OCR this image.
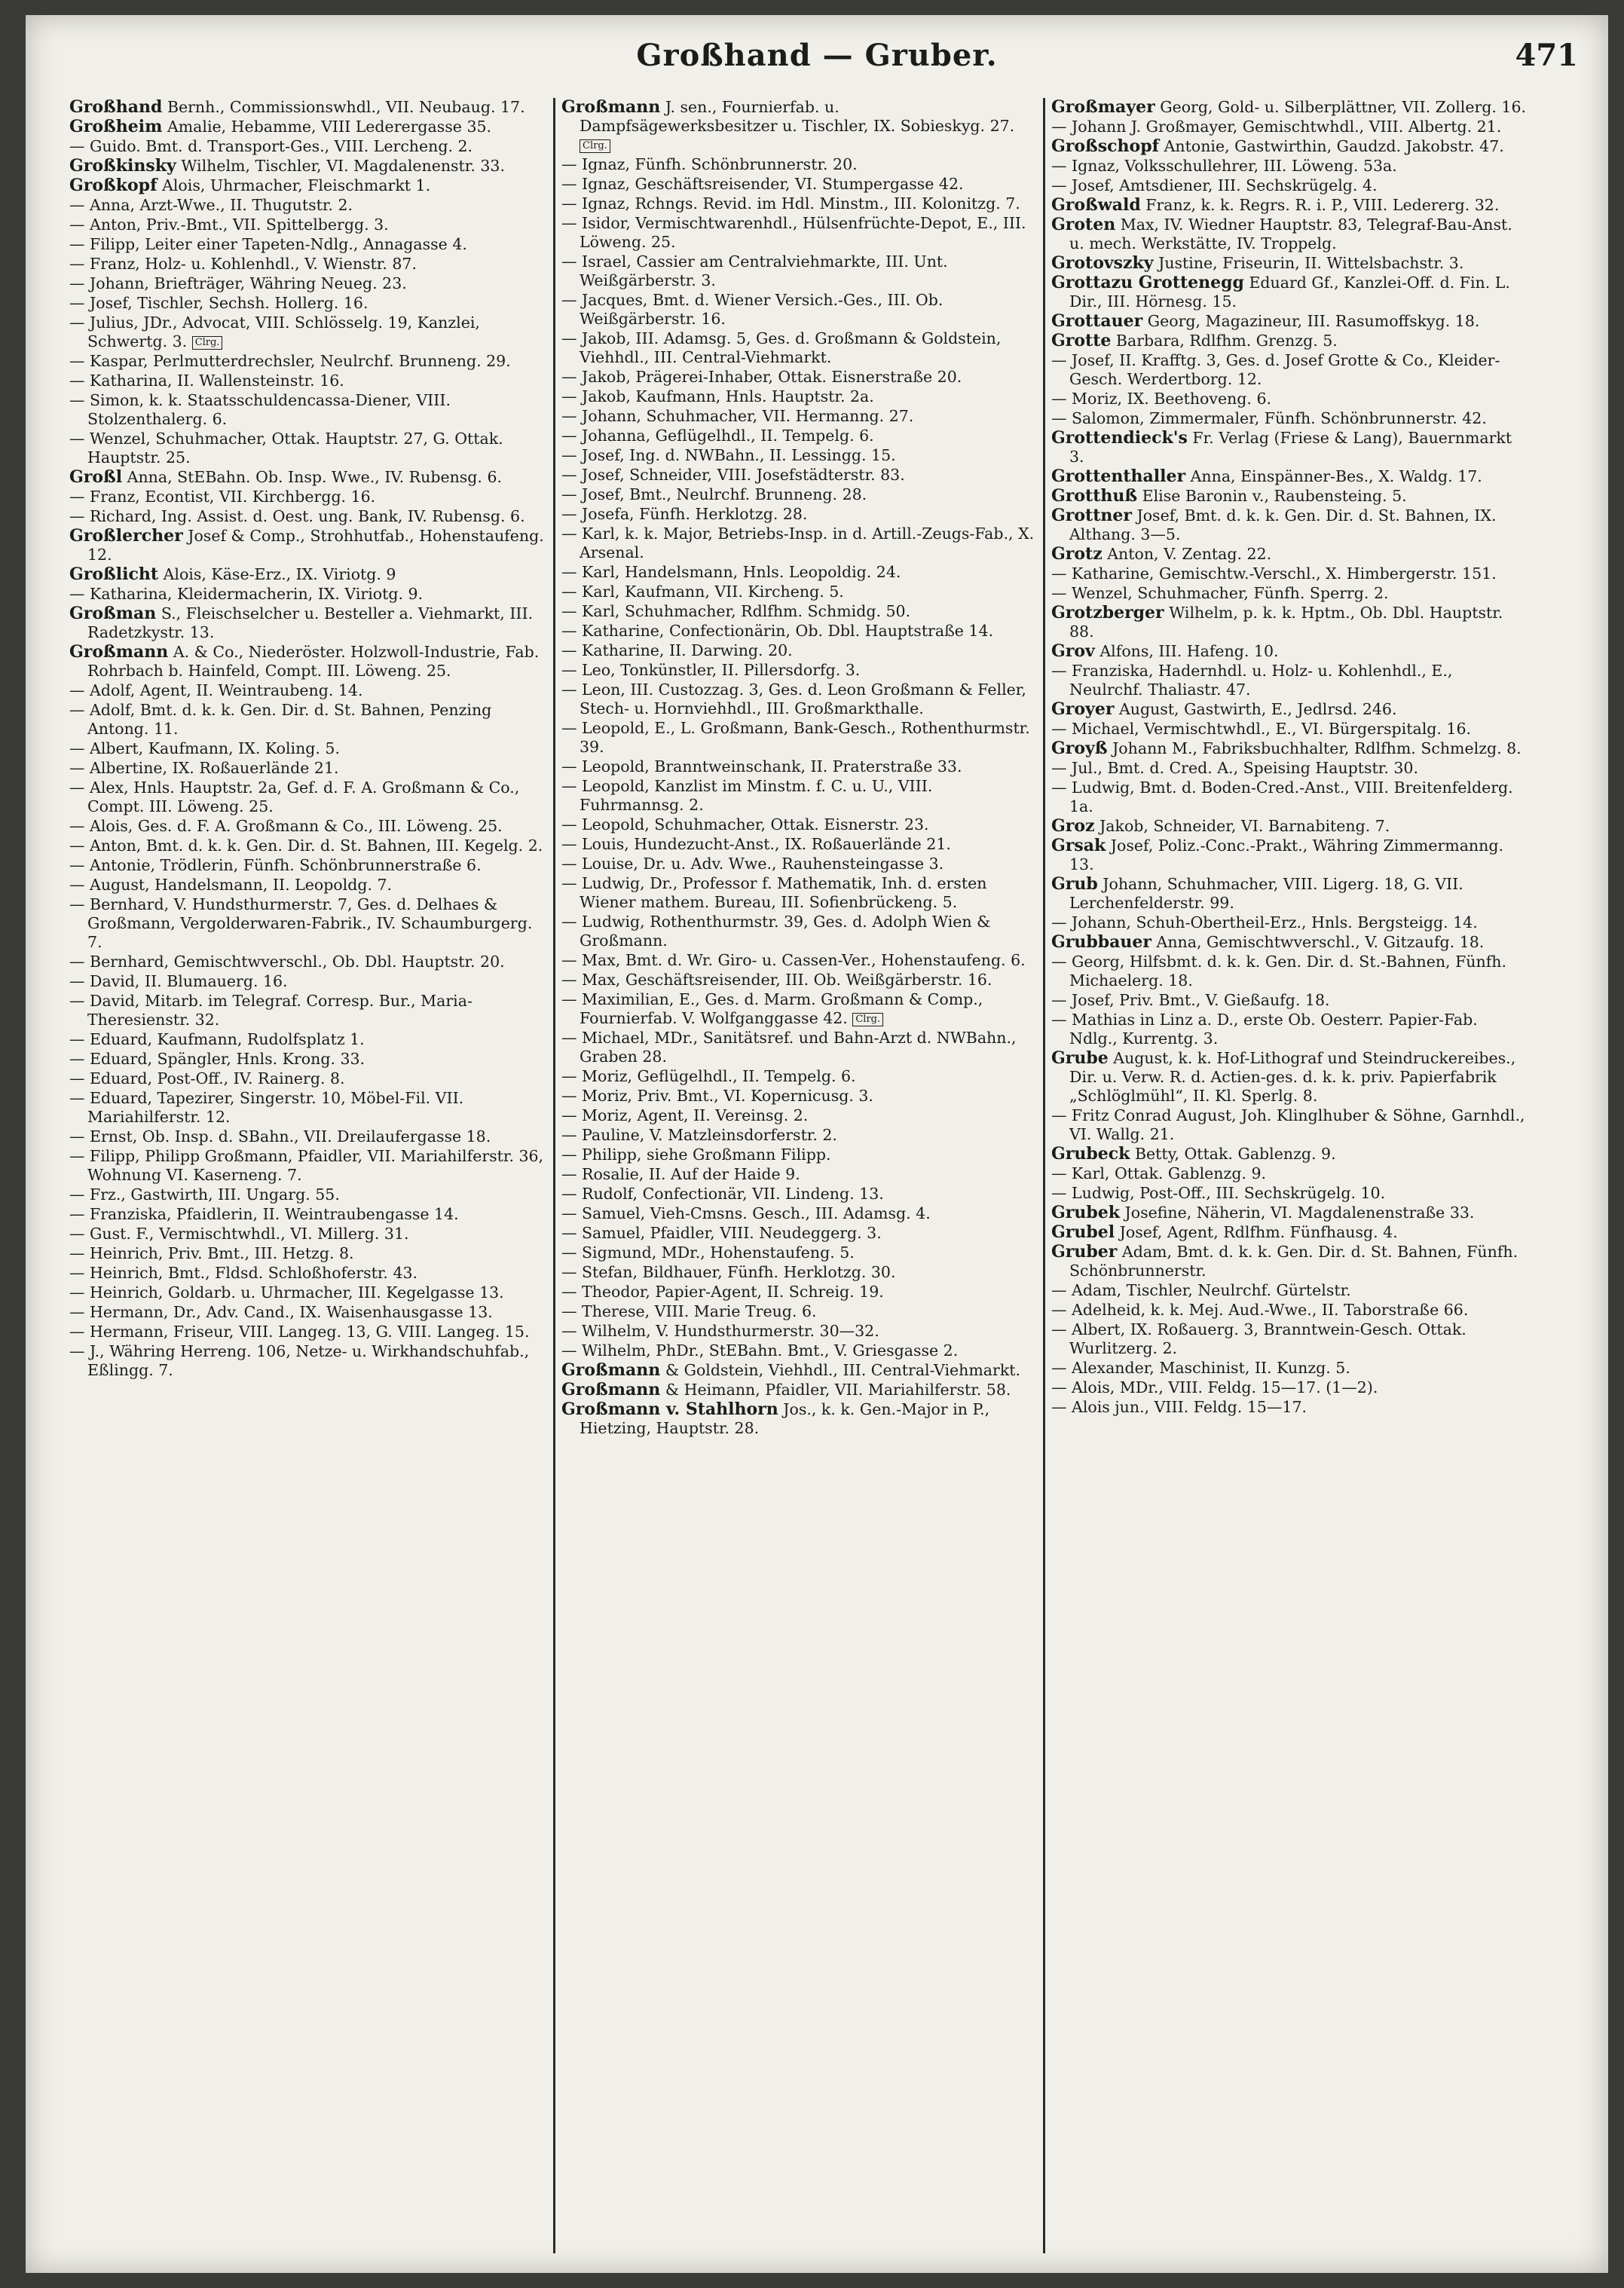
Großhand — Gruber.	471
Großhand Bernh., Commissionswhdl., VII. Neubaug. 17.
Großheim Amalie, Hebamme, VIII Lederergasse 35.
— Guido. Bmt. d. Transport-Ges., VIII. Lercheng. 2.
Großkinsky Wilhelm, Tischler, VI. Magdalenenstr. 33.
Großkopf Alois, Uhrmacher, Fleischmarkt 1.
— Anna, Arzt-Wwe., II. Thugutstr. 2.
— Anton, Priv.-Bmt., VII. Spittelbergg. 3.
— Filipp, Leiter einer Tapeten-Ndlg., Annagasse 4.
— Franz, Holz- u. Kohlenhdl., V. Wienstr. 87.
— Johann, Briefträger, Währing Neueg. 23.
— Josef, Tischler, Sechsh. Hollerg. 16.
— Julius, JDr., Advocat, VIII. Schlösselg. 19, Kanzlei, Schwertg. 3. Clrg.
— Kaspar, Perlmutterdrechsler, Neulrchf. Brunneng. 29.
— Katharina, II. Wallensteinstr. 16.
— Simon, k. k. Staatsschuldencassa-Diener, VIII. Stolzenthalerg. 6.
— Wenzel, Schuhmacher, Ottak. Hauptstr. 27, G. Ottak. Hauptstr. 25.
Großl Anna, StEBahn. Ob. Insp. Wwe., IV. Rubensg. 6.
— Franz, Econtist, VII. Kirchbergg. 16.
— Richard, Ing. Assist. d. Oest. ung. Bank, IV. Rubensg. 6.
Großlercher Josef & Comp., Strohhutfab., Hohenstaufeng. 12.
Großlicht Alois, Käse-Erz., IX. Viriotg. 9
— Katharina, Kleidermacherin, IX. Viriotg. 9.
Großman S., Fleischselcher u. Besteller a. Viehmarkt, III. Radetzkystr. 13.
Großmann A. & Co., Niederöster. Holzwoll-Industrie, Fab. Rohrbach b. Hainfeld, Compt. III. Löweng. 25.
— Adolf, Agent, II. Weintraubeng. 14.
— Adolf, Bmt. d. k. k. Gen. Dir. d. St. Bahnen, Penzing Antong. 11.
— Albert, Kaufmann, IX. Koling. 5.
— Albertine, IX. Roßauerlände 21.
— Alex, Hnls. Hauptstr. 2a, Gef. d. F. A. Großmann & Co., Compt. III. Löweng. 25.
— Alois, Ges. d. F. A. Großmann & Co., III. Löweng. 25.
— Anton, Bmt. d. k. k. Gen. Dir. d. St. Bahnen, III. Kegelg. 2.
— Antonie, Trödlerin, Fünfh. Schönbrunnerstraße 6.
— August, Handelsmann, II. Leopoldg. 7.
— Bernhard, V. Hundsthurmerstr. 7, Ges. d. Delhaes & Großmann, Vergolderwaren-Fabrik., IV. Schaumburgerg. 7.
— Bernhard, Gemischtwverschl., Ob. Dbl. Hauptstr. 20.
— David, II. Blumauerg. 16.
— David, Mitarb. im Telegraf. Corresp. Bur., Maria-Theresienstr. 32.
— Eduard, Kaufmann, Rudolfsplatz 1.
— Eduard, Spängler, Hnls. Krong. 33.
— Eduard, Post-Off., IV. Rainerg. 8.
— Eduard, Tapezirer, Singerstr. 10, Möbel-Fil. VII. Mariahilferstr. 12.
— Ernst, Ob. Insp. d. SBahn., VII. Dreilaufergasse 18.
— Filipp, Philipp Großmann, Pfaidler, VII. Mariahilferstr. 36, Wohnung VI. Kaserneng. 7.
— Frz., Gastwirth, III. Ungarg. 55.
— Franziska, Pfaidlerin, II. Weintraubengasse 14.
— Gust. F., Vermischtwhdl., VI. Millerg. 31.
— Heinrich, Priv. Bmt., III. Hetzg. 8.
— Heinrich, Bmt., Fldsd. Schloßhoferstr. 43.
— Heinrich, Goldarb. u. Uhrmacher, III. Kegelgasse 13.
— Hermann, Dr., Adv. Cand., IX. Waisenhausgasse 13.
— Hermann, Friseur, VIII. Langeg. 13, G. VIII. Langeg. 15.
— J., Währing Herreng. 106, Netze- u. Wirkhandschuhfab., Eßlingg. 7.
Großmann J. sen., Fournierfab. u. Dampfsägewerksbesitzer u. Tischler, IX. Sobieskyg. 27. Clrg.
— Ignaz, Fünfh. Schönbrunnerstr. 20.
— Ignaz, Geschäftsreisender, VI. Stumpergasse 42.
— Ignaz, Rchngs. Revid. im Hdl. Minstm., III. Kolonitzg. 7.
— Isidor, Vermischtwarenhdl., Hülsenfrüchte-Depot, E., III. Löweng. 25.
— Israel, Cassier am Centralviehmarkte, III. Unt. Weißgärberstr. 3.
— Jacques, Bmt. d. Wiener Versich.-Ges., III. Ob. Weißgärberstr. 16.
— Jakob, III. Adamsg. 5, Ges. d. Großmann & Goldstein, Viehhdl., III. Central-Viehmarkt.
— Jakob, Prägerei-Inhaber, Ottak. Eisnerstraße 20.
— Jakob, Kaufmann, Hnls. Hauptstr. 2a.
— Johann, Schuhmacher, VII. Hermanng. 27.
— Johanna, Geflügelhdl., II. Tempelg. 6.
— Josef, Ing. d. NWBahn., II. Lessingg. 15.
— Josef, Schneider, VIII. Josefstädterstr. 83.
— Josef, Bmt., Neulrchf. Brunneng. 28.
— Josefa, Fünfh. Herklotzg. 28.
— Karl, k. k. Major, Betriebs-Insp. in d. Artill.-Zeugs-Fab., X. Arsenal.
— Karl, Handelsmann, Hnls. Leopoldig. 24.
— Karl, Kaufmann, VII. Kircheng. 5.
— Karl, Schuhmacher, Rdlfhm. Schmidg. 50.
— Katharine, Confectionärin, Ob. Dbl. Hauptstraße 14.
— Katharine, II. Darwing. 20.
— Leo, Tonkünstler, II. Pillersdorfg. 3.
— Leon, III. Custozzag. 3, Ges. d. Leon Großmann & Feller, Stech- u. Hornviehhdl., III. Großmarkthalle.
— Leopold, E., L. Großmann, Bank-Gesch., Rothenthurmstr. 39.
— Leopold, Branntweinschank, II. Praterstraße 33.
— Leopold, Kanzlist im Minstm. f. C. u. U., VIII. Fuhrmannsg. 2.
— Leopold, Schuhmacher, Ottak. Eisnerstr. 23.
— Louis, Hundezucht-Anst., IX. Roßauerlände 21.
— Louise, Dr. u. Adv. Wwe., Rauhensteingasse 3.
— Ludwig, Dr., Professor f. Mathematik, Inh. d. ersten Wiener mathem. Bureau, III. Sofienbrückeng. 5.
— Ludwig, Rothenthurmstr. 39, Ges. d. Adolph Wien & Großmann.
— Max, Bmt. d. Wr. Giro- u. Cassen-Ver., Hohenstaufeng. 6.
— Max, Geschäftsreisender, III. Ob. Weißgärberstr. 16.
— Maximilian, E., Ges. d. Marm. Großmann & Comp., Fournierfab. V. Wolfganggasse 42. Clrg.
— Michael, MDr., Sanitätsref. und Bahn-Arzt d. NWBahn., Graben 28.
— Moriz, Geflügelhdl., II. Tempelg. 6.
— Moriz, Priv. Bmt., VI. Kopernicusg. 3.
— Moriz, Agent, II. Vereinsg. 2.
— Pauline, V. Matzleinsdorferstr. 2.
— Philipp, siehe Großmann Filipp.
— Rosalie, II. Auf der Haide 9.
— Rudolf, Confectionär, VII. Lindeng. 13.
— Samuel, Vieh-Cmsns. Gesch., III. Adamsg. 4.
— Samuel, Pfaidler, VIII. Neudeggerg. 3.
— Sigmund, MDr., Hohenstaufeng. 5.
— Stefan, Bildhauer, Fünfh. Herklotzg. 30.
— Theodor, Papier-Agent, II. Schreig. 19.
— Therese, VIII. Marie Treug. 6.
— Wilhelm, V. Hundsthurmerstr. 30—32.
— Wilhelm, PhDr., StEBahn. Bmt., V. Griesgasse 2.
Großmann & Goldstein, Viehhdl., III. Central-Viehmarkt.
Großmann & Heimann, Pfaidler, VII. Mariahilferstr. 58.
Großmann v. Stahlhorn Jos., k. k. Gen.-Major in P., Hietzing, Hauptstr. 28.
Großmayer Georg, Gold- u. Silberplättner, VII. Zollerg. 16.
— Johann J. Großmayer, Gemischtwhdl., VIII. Albertg. 21.
Großschopf Antonie, Gastwirthin, Gaudzd. Jakobstr. 47.
— Ignaz, Volksschullehrer, III. Löweng. 53a.
— Josef, Amtsdiener, III. Sechskrügelg. 4.
Großwald Franz, k. k. Regrs. R. i. P., VIII. Ledererg. 32.
Groten Max, IV. Wiedner Hauptstr. 83, Telegraf-Bau-Anst. u. mech. Werkstätte, IV. Troppelg.
Grotovszky Justine, Friseurin, II. Wittelsbachstr. 3.
Grottazu Grottenegg Eduard Gf., Kanzlei-Off. d. Fin. L. Dir., III. Hörnesg. 15.
Grottauer Georg, Magazineur, III. Rasumoffskyg. 18.
Grotte Barbara, Rdlfhm. Grenzg. 5.
— Josef, II. Krafftg. 3, Ges. d. Josef Grotte & Co., Kleider-Gesch. Werdertborg. 12.
— Moriz, IX. Beethoveng. 6.
— Salomon, Zimmermaler, Fünfh. Schönbrunnerstr. 42.
Grottendieck's Fr. Verlag (Friese & Lang), Bauernmarkt 3.
Grottenthaller Anna, Einspänner-Bes., X. Waldg. 17.
Grotthuß Elise Baronin v., Raubensteing. 5.
Grottner Josef, Bmt. d. k. k. Gen. Dir. d. St. Bahnen, IX. Althang. 3—5.
Grotz Anton, V. Zentag. 22.
— Katharine, Gemischtw.-Verschl., X. Himbergerstr. 151.
— Wenzel, Schuhmacher, Fünfh. Sperrg. 2.
Grotzberger Wilhelm, p. k. k. Hptm., Ob. Dbl. Hauptstr. 88.
Grov Alfons, III. Hafeng. 10.
— Franziska, Hadernhdl. u. Holz- u. Kohlenhdl., E., Neulrchf. Thaliastr. 47.
Groyer August, Gastwirth, E., Jedlrsd. 246.
— Michael, Vermischtwhdl., E., VI. Bürgerspitalg. 16.
Groyß Johann M., Fabriksbuchhalter, Rdlfhm. Schmelzg. 8.
— Jul., Bmt. d. Cred. A., Speising Hauptstr. 30.
— Ludwig, Bmt. d. Boden-Cred.-Anst., VIII. Breitenfelderg. 1a.
Groz Jakob, Schneider, VI. Barnabiteng. 7.
Grsak Josef, Poliz.-Conc.-Prakt., Währing Zimmermanng. 13.
Grub Johann, Schuhmacher, VIII. Ligerg. 18, G. VII. Lerchenfelderstr. 99.
— Johann, Schuh-Obertheil-Erz., Hnls. Bergsteigg. 14.
Grubbauer Anna, Gemischtwverschl., V. Gitzaufg. 18.
— Georg, Hilfsbmt. d. k. k. Gen. Dir. d. St.-Bahnen, Fünfh. Michaelerg. 18.
— Josef, Priv. Bmt., V. Gießaufg. 18.
— Mathias in Linz a. D., erste Ob. Oesterr. Papier-Fab. Ndlg., Kurrentg. 3.
Grube August, k. k. Hof-Lithograf und Steindruckereibes., Dir. u. Verw. R. d. Actien-ges. d. k. k. priv. Papierfabrik „Schlöglmühl“, II. Kl. Sperlg. 8.
— Fritz Conrad August, Joh. Klinglhuber & Söhne, Garnhdl., VI. Wallg. 21.
Grubeck Betty, Ottak. Gablenzg. 9.
— Karl, Ottak. Gablenzg. 9.
— Ludwig, Post-Off., III. Sechskrügelg. 10.
Grubek Josefine, Näherin, VI. Magdalenenstraße 33.
Grubel Josef, Agent, Rdlfhm. Fünfhausg. 4.
Gruber Adam, Bmt. d. k. k. Gen. Dir. d. St. Bahnen, Fünfh. Schönbrunnerstr.
— Adam, Tischler, Neulrchf. Gürtelstr.
— Adelheid, k. k. Mej. Aud.-Wwe., II. Taborstraße 66.
— Albert, IX. Roßauerg. 3, Branntwein-Gesch. Ottak. Wurlitzerg. 2.
— Alexander, Maschinist, II. Kunzg. 5.
— Alois, MDr., VIII. Feldg. 15—17. (1—2).
— Alois jun., VIII. Feldg. 15—17.
